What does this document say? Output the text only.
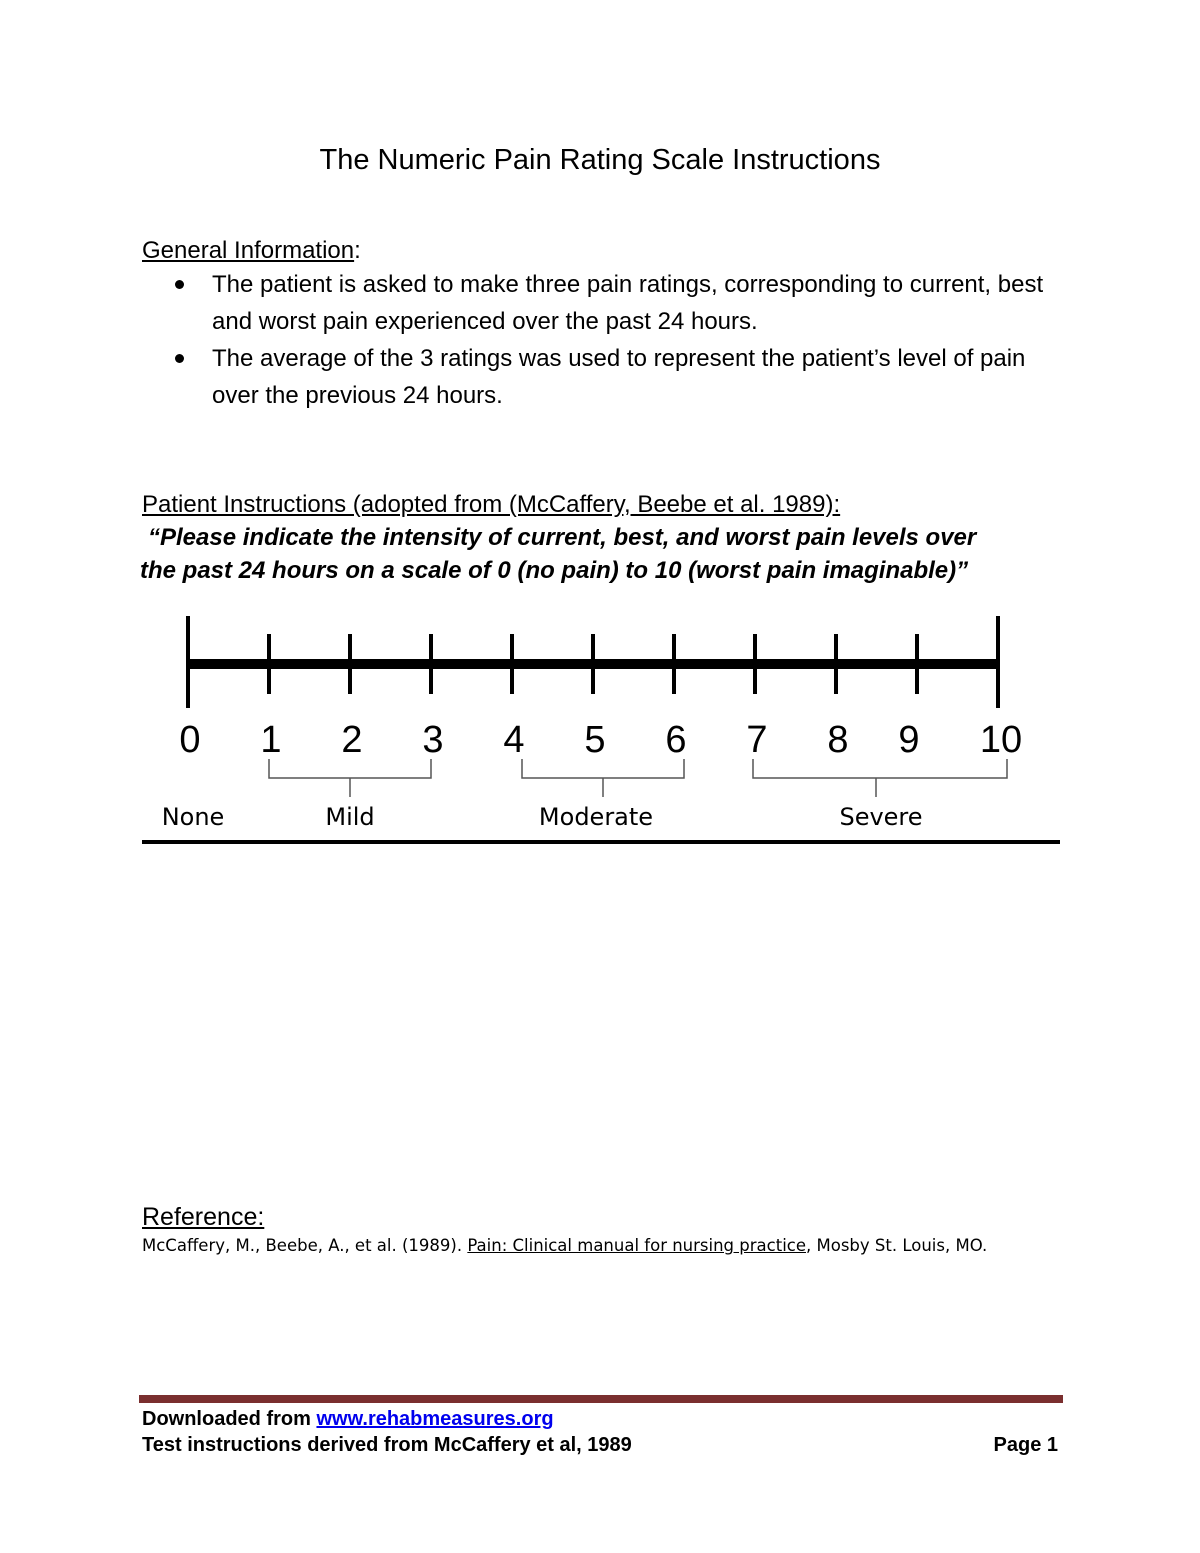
The Numeric Pain Rating Scale Instructions
General Information:
The patient is asked to make three pain ratings, corresponding to current, best and worst pain experienced over the past 24 hours.
The average of the 3 ratings was used to represent the patient’s level of pain over the previous 24 hours.
Patient Instructions (adopted from (McCaffery, Beebe et al. 1989):
“Please indicate the intensity of current, best, and worst pain levels over
the past 24 hours on a scale of 0 (no pain) to 10 (worst pain imaginable)”
0 1 2 3 4 5 6 7 8 9 10
None	Mild	Moderate	Severe
Reference:
McCaffery, M., Beebe, A., et al. (1989). Pain: Clinical manual for nursing practice, Mosby St. Louis, MO.
Downloaded from www.rehabmeasures.org
Test instructions derived from McCaffery et al, 1989	Page 1
